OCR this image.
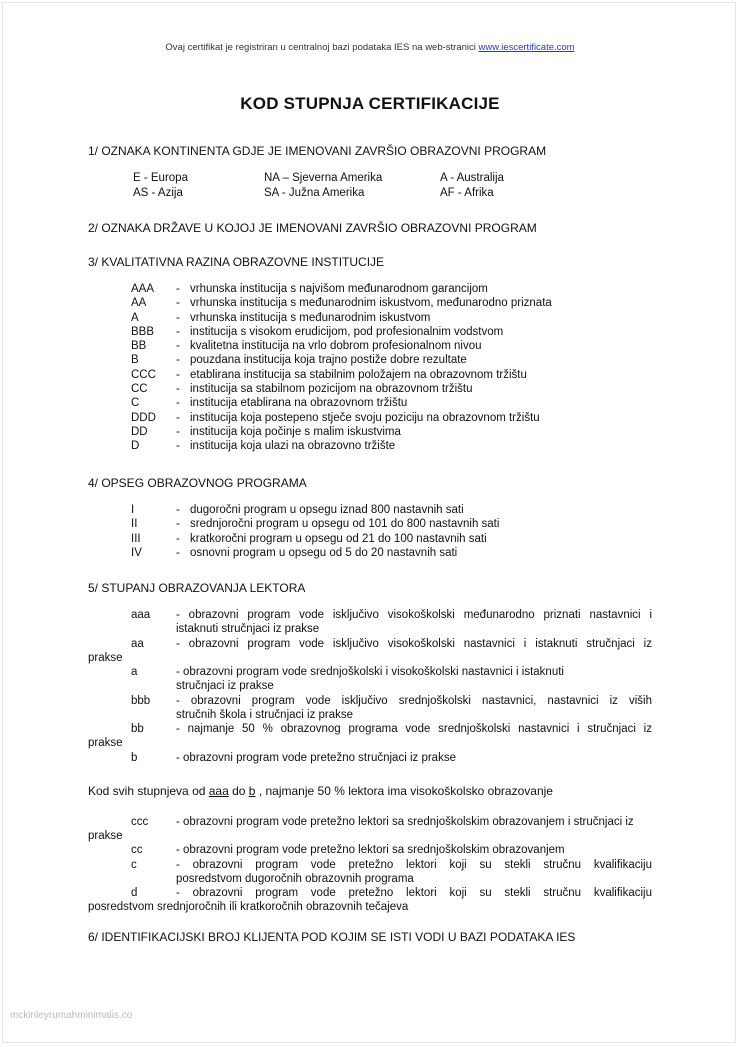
Ovaj certifikat je registriran u centralnoj bazi podataka IES na web-stranici www.iescertificate.com
KOD STUPNJA CERTIFIKACIJE
1/ OZNAKA KONTINENTA GDJE JE IMENOVANI ZAVRŠIO OBRAZOVNI PROGRAM
E - Europa	NA – Sjeverna Amerika	A - Australija
AS - Azija	SA - Južna Amerika	AF - Afrika
2/ OZNAKA DRŽAVE U KOJOJ JE IMENOVANI ZAVRŠIO OBRAZOVNI PROGRAM
3/ KVALITATIVNA RAZINA OBRAZOVNE INSTITUCIJE
AAA - vrhunska institucija s najvišom međunarodnom garancijom
AA	- vrhunska institucija s međunarodnim iskustvom, međunarodno priznata
A	- vrhunska institucija s međunarodnim iskustvom
BBB - institucija s visokom erudicijom, pod profesionalnim vodstvom
BB	- kvalitetna institucija na vrlo dobrom profesionalnom nivou
B	- pouzdana institucija koja trajno postiže dobre rezultate
CCC - etablirana institucija sa stabilnim položajem na obrazovnom tržištu
CC - institucija sa stabilnom pozicijom na obrazovnom tržištu
C	- institucija etablirana na obrazovnom tržištu
DDD - institucija koja postepeno stječe svoju poziciju na obrazovnom tržištu
DD - institucija koja počinje s malim iskustvima
D	- institucija koja ulazi na obrazovno tržište
4/ OPSEG OBRAZOVNOG PROGRAMA
I	- dugoročni program u opsegu iznad 800 nastavnih sati
II	- srednjoročni program u opsegu od 101 do 800 nastavnih sati
III	- kratkoročni program u opsegu od 21 do 100 nastavnih sati
IV	- osnovni program u opsegu od 5 do 20 nastavnih sati
5/ STUPANJ OBRAZOVANJA LEKTORA
aaa - obrazovni program vode isključivo visokoškolski međunarodno priznati nastavnici i
istaknuti stručnjaci iz prakse
aa	- obrazovni program vode isključivo visokoškolski nastavnici i istaknuti stručnjaci iz
prakse
a	- obrazovni program vode srednjoškolski i visokoškolski nastavnici i istaknuti
stručnjaci iz prakse
bbb - obrazovni program vode isključivo srednjoškolski nastavnici, nastavnici iz viših
stručnih škola i stručnjaci iz prakse
bb	- najmanje 50 % obrazovnog programa vode srednjoškolski nastavnici i stručnjaci iz
prakse
b	- obrazovni program vode pretežno stručnjaci iz prakse
Kod svih stupnjeva od aaa do b , najmanje 50 % lektora ima visokoškolsko obrazovanje
ccc - obrazovni program vode pretežno lektori sa srednjoškolskim obrazovanjem i stručnjaci iz
prakse
cc	- obrazovni program vode pretežno lektori sa srednjoškolskim obrazovanjem
c	- obrazovni program vode pretežno lektori koji su stekli stručnu kvalifikaciju
posredstvom dugoročnih obrazovnih programa
d	- obrazovni program vode pretežno lektori koji su stekli stručnu kvalifikaciju
posredstvom srednjoročnih ili kratkoročnih obrazovnih tečajeva
6/ IDENTIFIKACIJSKI BROJ KLIJENTA POD KOJIM SE ISTI VODI U BAZI PODATAKA IES
mckinleyrumahminimalis.co
